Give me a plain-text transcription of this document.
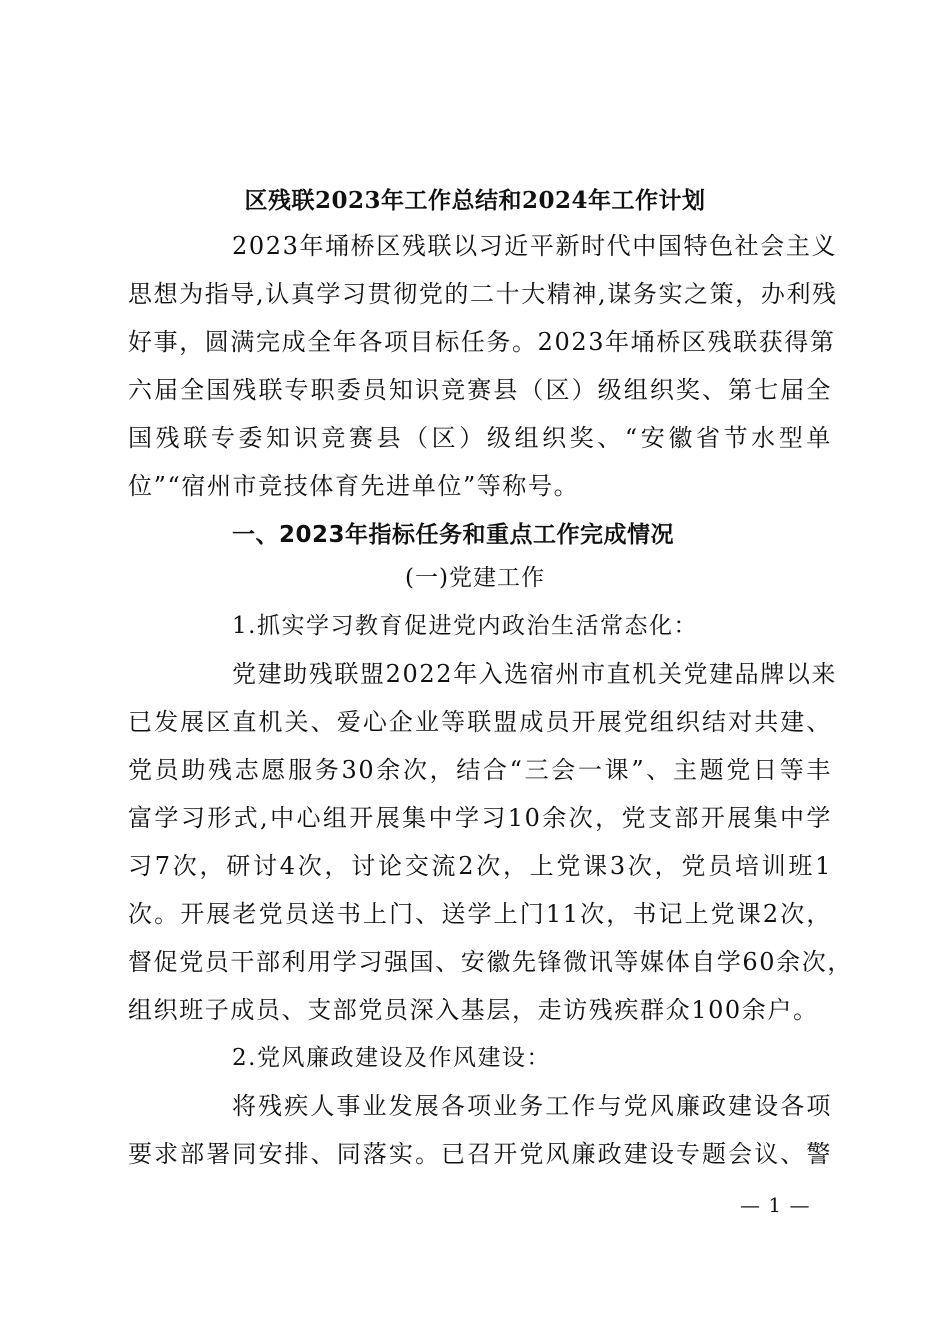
区残联2023年工作总结和2024年工作计划
2023年埇桥区残联以习近平新时代中国特色社会主义
思想为指导,认真学习贯彻党的二十大精神,谋务实之策，办利残
好事，圆满完成全年各项目标任务。2023年埇桥区残联获得第
六届全国残联专职委员知识竞赛县（区）级组织奖、第七届全
国残联专委知识竞赛县（区）级组织奖、“安徽省节水型单
位”“宿州市竞技体育先进单位”等称号。
一、2023年指标任务和重点工作完成情况
(一)党建工作
1.抓实学习教育促进党内政治生活常态化：
党建助残联盟2022年入选宿州市直机关党建品牌以来
已发展区直机关、爱心企业等联盟成员开展党组织结对共建、
党员助残志愿服务30余次，结合“三会一课”、主题党日等丰
富学习形式,中心组开展集中学习10余次，党支部开展集中学
习7次，研讨4次，讨论交流2次，上党课3次，党员培训班1
次。开展老党员送书上门、送学上门11次，书记上党课2次，
督促党员干部利用学习强国、安徽先锋微讯等媒体自学60余次，
组织班子成员、支部党员深入基层，走访残疾群众100余户。
2.党风廉政建设及作风建设：
将残疾人事业发展各项业务工作与党风廉政建设各项
要求部署同安排、同落实。已召开党风廉政建设专题会议、警
— 1 —
